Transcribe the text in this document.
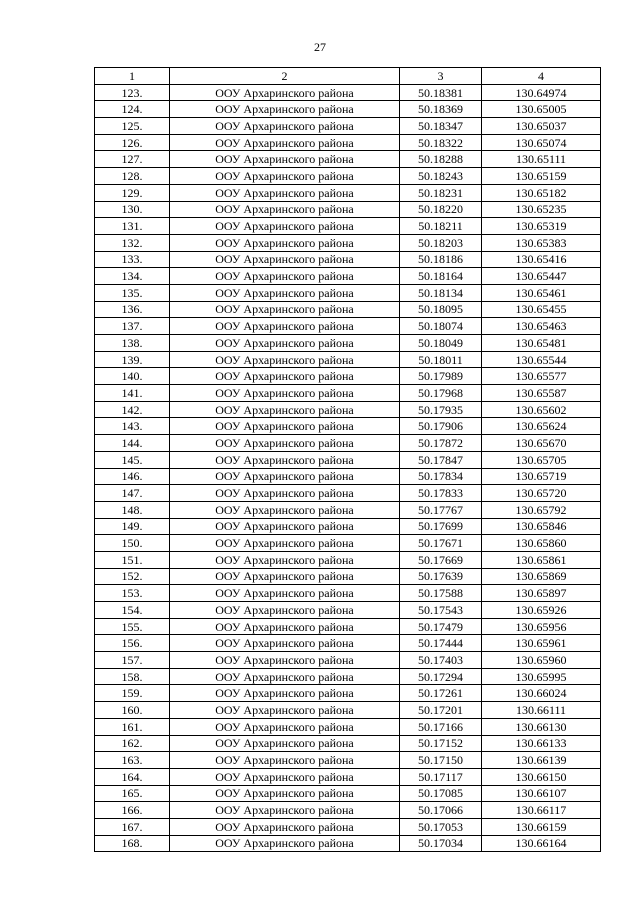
27
1	2	3	4
123.	ООУ Архаринского района	50.18381	130.64974
124.	ООУ Архаринского района	50.18369	130.65005
125.	ООУ Архаринского района	50.18347	130.65037
126.	ООУ Архаринского района	50.18322	130.65074
127.	ООУ Архаринского района	50.18288	130.65111
128.	ООУ Архаринского района	50.18243	130.65159
129.	ООУ Архаринского района	50.18231	130.65182
130.	ООУ Архаринского района	50.18220	130.65235
131.	ООУ Архаринского района	50.18211	130.65319
132.	ООУ Архаринского района	50.18203	130.65383
133.	ООУ Архаринского района	50.18186	130.65416
134.	ООУ Архаринского района	50.18164	130.65447
135.	ООУ Архаринского района	50.18134	130.65461
136.	ООУ Архаринского района	50.18095	130.65455
137.	ООУ Архаринского района	50.18074	130.65463
138.	ООУ Архаринского района	50.18049	130.65481
139.	ООУ Архаринского района	50.18011	130.65544
140.	ООУ Архаринского района	50.17989	130.65577
141.	ООУ Архаринского района	50.17968	130.65587
142.	ООУ Архаринского района	50.17935	130.65602
143.	ООУ Архаринского района	50.17906	130.65624
144.	ООУ Архаринского района	50.17872	130.65670
145.	ООУ Архаринского района	50.17847	130.65705
146.	ООУ Архаринского района	50.17834	130.65719
147.	ООУ Архаринского района	50.17833	130.65720
148.	ООУ Архаринского района	50.17767	130.65792
149.	ООУ Архаринского района	50.17699	130.65846
150.	ООУ Архаринского района	50.17671	130.65860
151.	ООУ Архаринского района	50.17669	130.65861
152.	ООУ Архаринского района	50.17639	130.65869
153.	ООУ Архаринского района	50.17588	130.65897
154.	ООУ Архаринского района	50.17543	130.65926
155.	ООУ Архаринского района	50.17479	130.65956
156.	ООУ Архаринского района	50.17444	130.65961
157.	ООУ Архаринского района	50.17403	130.65960
158.	ООУ Архаринского района	50.17294	130.65995
159.	ООУ Архаринского района	50.17261	130.66024
160.	ООУ Архаринского района	50.17201	130.66111
161.	ООУ Архаринского района	50.17166	130.66130
162.	ООУ Архаринского района	50.17152	130.66133
163.	ООУ Архаринского района	50.17150	130.66139
164.	ООУ Архаринского района	50.17117	130.66150
165.	ООУ Архаринского района	50.17085	130.66107
166.	ООУ Архаринского района	50.17066	130.66117
167.	ООУ Архаринского района	50.17053	130.66159
168.	ООУ Архаринского района	50.17034	130.66164
